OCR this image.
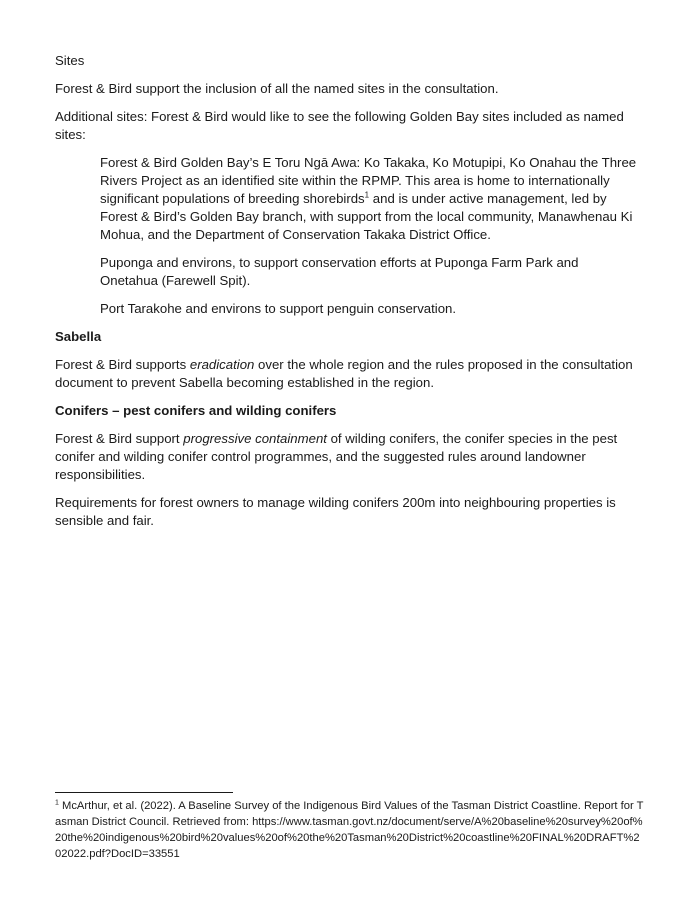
Sites

Forest & Bird support the inclusion of all the named sites in the consultation.

Additional sites: Forest & Bird would like to see the following Golden Bay sites included as named sites:

Forest & Bird Golden Bay’s E Toru Ngā Awa: Ko Takaka, Ko Motupipi, Ko Onahau the Three Rivers Project as an identified site within the RPMP. This area is home to internationally significant populations of breeding shorebirds$^1$ and is under active management, led by Forest & Bird’s Golden Bay branch, with support from the local community, Manawhenau Ki Mohua, and the Department of Conservation Takaka District Office.

Puponga and environs, to support conservation efforts at Puponga Farm Park and Onetahua (Farewell Spit).

Port Tarakohe and environs to support penguin conservation.

Sabella

Forest & Bird supports eradication over the whole region and the rules proposed in the consultation document to prevent Sabella becoming established in the region.

Conifers – pest conifers and wilding conifers

Forest & Bird support progressive containment of wilding conifers, the conifer species in the pest conifer and wilding conifer control programmes, and the suggested rules around landowner responsibilities.

Requirements for forest owners to manage wilding conifers 200m into neighbouring properties is sensible and fair.

$^1$ McArthur, et al. (2022). A Baseline Survey of the Indigenous Bird Values of the Tasman District Coastline. Report for Tasman District Council. Retrieved from: https://www.tasman.govt.nz/document/serve/A%20baseline%20survey%20of%20the%20indigenous%20bird%20values%20of%20the%20Tasman%20District%20coastline%20FINAL%20DRAFT%202022.pdf?DocID=33551
